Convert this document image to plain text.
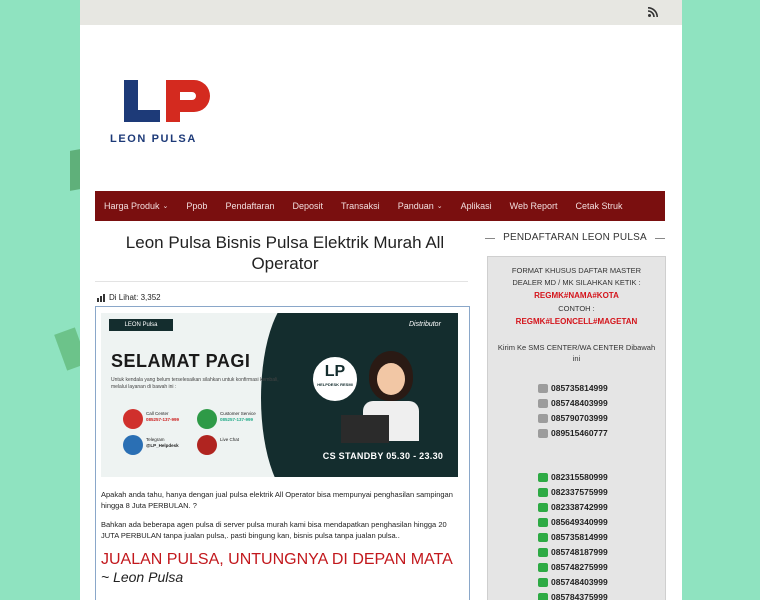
LEON PULSA
Harga Produk ⌄ Ppob Pendaftaran Deposit Transaksi Panduan ⌄ Aplikasi Web Report Cetak Struk
Leon Pulsa Bisnis Pulsa Elektrik Murah All Operator
Di Lihat: 3,352
LEON Pulsa
SELAMAT PAGI
Untuk kendala yang belum terselesaikan silahkan untuk konfirmasi kembali, melalui layanan di bawah ini :
Call Center
085257-137-999
Customer Service
085257-137-999
Telegram
@LP_Helpdesk
Live Chat
Distributor
LP
HELPDESK RESMI
CS STANDBY 05.30 - 23.30
Apakah anda tahu, hanya dengan jual pulsa elektrik All Operator bisa mempunyai penghasilan sampingan hingga 8 Juta PERBULAN. ?
Bahkan ada beberapa agen pulsa di server pulsa murah kami bisa mendapatkan penghasilan hingga 20 JUTA PERBULAN tanpa jualan pulsa,. pasti bingung kan, bisnis pulsa tanpa jualan pulsa..
JUALAN PULSA, UNTUNGNYA DI DEPAN MATA
~ Leon Pulsa
PENDAFTARAN LEON PULSA
FORMAT KHUSUS DAFTAR MASTER
DEALER MD / MK SILAHKAN KETIK :
REGMK#NAMA#KOTA
CONTOH :
REGMK#LEONCELL#MAGETAN
Kirim Ke SMS CENTER/WA CENTER Dibawah
ini
085735814999
085748403999
085790703999
089515460777
082315580999
082337575999
082338742999
085649340999
085735814999
085748187999
085748275999
085748403999
085784375999
